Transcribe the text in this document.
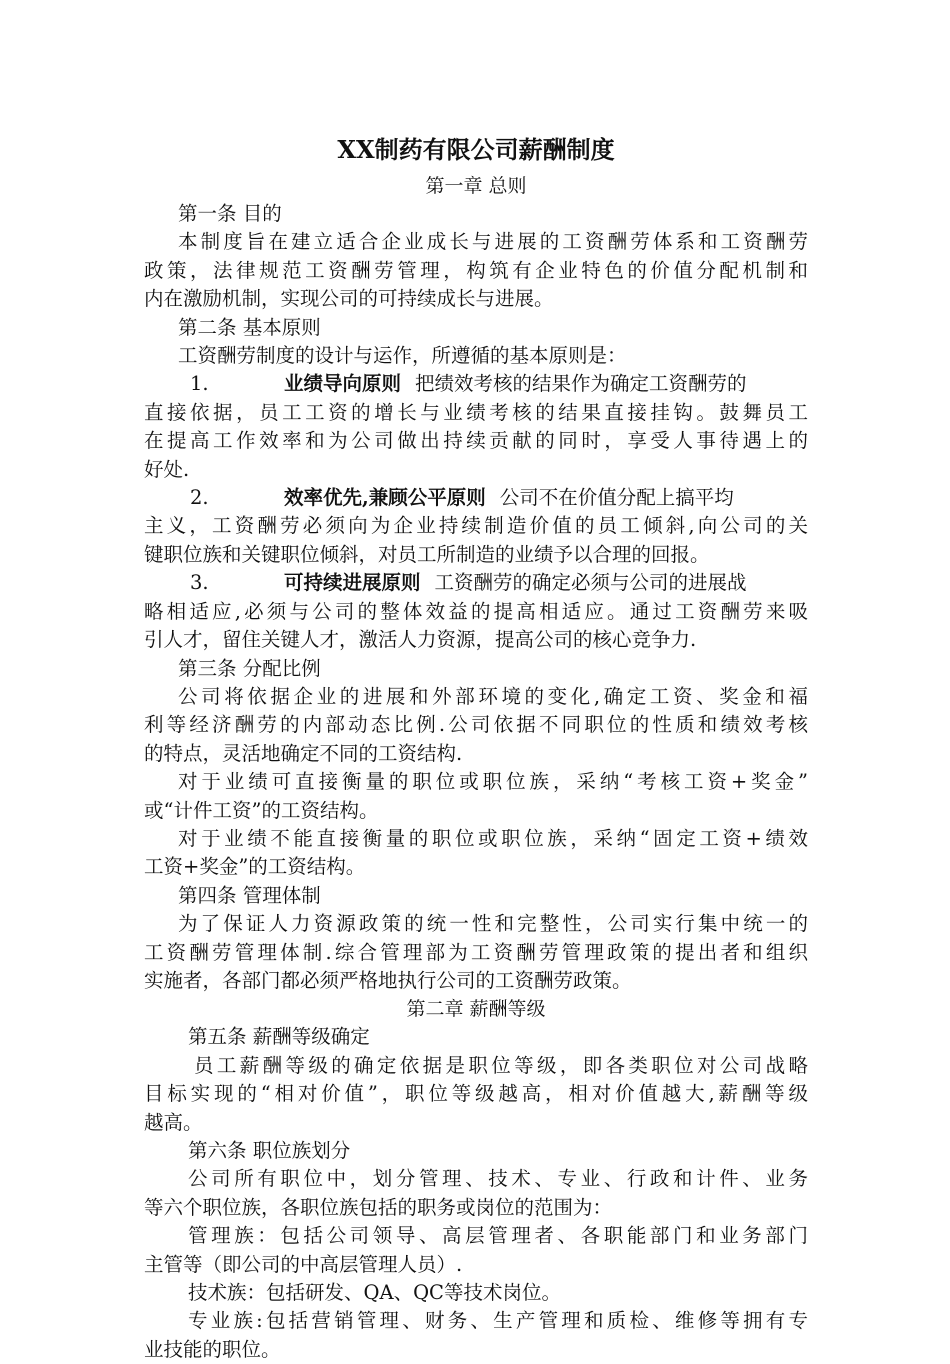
XX制药有限公司薪酬制度
第一章 总则
第一条 目的
本制度旨在建立适合企业成长与进展的工资酬劳体系和工资酬劳
政策，法律规范工资酬劳管理，构筑有企业特色的价值分配机制和
内在激励机制，实现公司的可持续成长与进展。
第二条 基本原则
工资酬劳制度的设计与运作，所遵循的基本原则是：
1.	业绩导向原则 把绩效考核的结果作为确定工资酬劳的
直接依据，员工工资的增长与业绩考核的结果直接挂钩。鼓舞员工
在提高工作效率和为公司做出持续贡献的同时，享受人事待遇上的
好处.
2.	效率优先,兼顾公平原则 公司不在价值分配上搞平均
主义，工资酬劳必须向为企业持续制造价值的员工倾斜,向公司的关
键职位族和关键职位倾斜，对员工所制造的业绩予以合理的回报。
3.	可持续进展原则 工资酬劳的确定必须与公司的进展战
略相适应,必须与公司的整体效益的提高相适应。通过工资酬劳来吸
引人才，留住关键人才，激活人力资源，提高公司的核心竞争力.
第三条 分配比例
公司将依据企业的进展和外部环境的变化,确定工资、奖金和福
利等经济酬劳的内部动态比例.公司依据不同职位的性质和绩效考核
的特点，灵活地确定不同的工资结构.
对于业绩可直接衡量的职位或职位族，采纳“考核工资+奖金”
或“计件工资”的工资结构。
对于业绩不能直接衡量的职位或职位族，采纳“固定工资+绩效
工资+奖金”的工资结构。
第四条 管理体制
为了保证人力资源政策的统一性和完整性，公司实行集中统一的
工资酬劳管理体制.综合管理部为工资酬劳管理政策的提出者和组织
实施者，各部门都必须严格地执行公司的工资酬劳政策。
第二章 薪酬等级
第五条 薪酬等级确定
员工薪酬等级的确定依据是职位等级，即各类职位对公司战略
目标实现的“相对价值”，职位等级越高，相对价值越大,薪酬等级
越高。
第六条 职位族划分
公司所有职位中，划分管理、技术、专业、行政和计件、业务
等六个职位族，各职位族包括的职务或岗位的范围为：
管理族：包括公司领导、高层管理者、各职能部门和业务部门
主管等（即公司的中高层管理人员）.
技术族：包括研发、QA、QC等技术岗位。
专业族:包括营销管理、财务、生产管理和质检、维修等拥有专
业技能的职位。
